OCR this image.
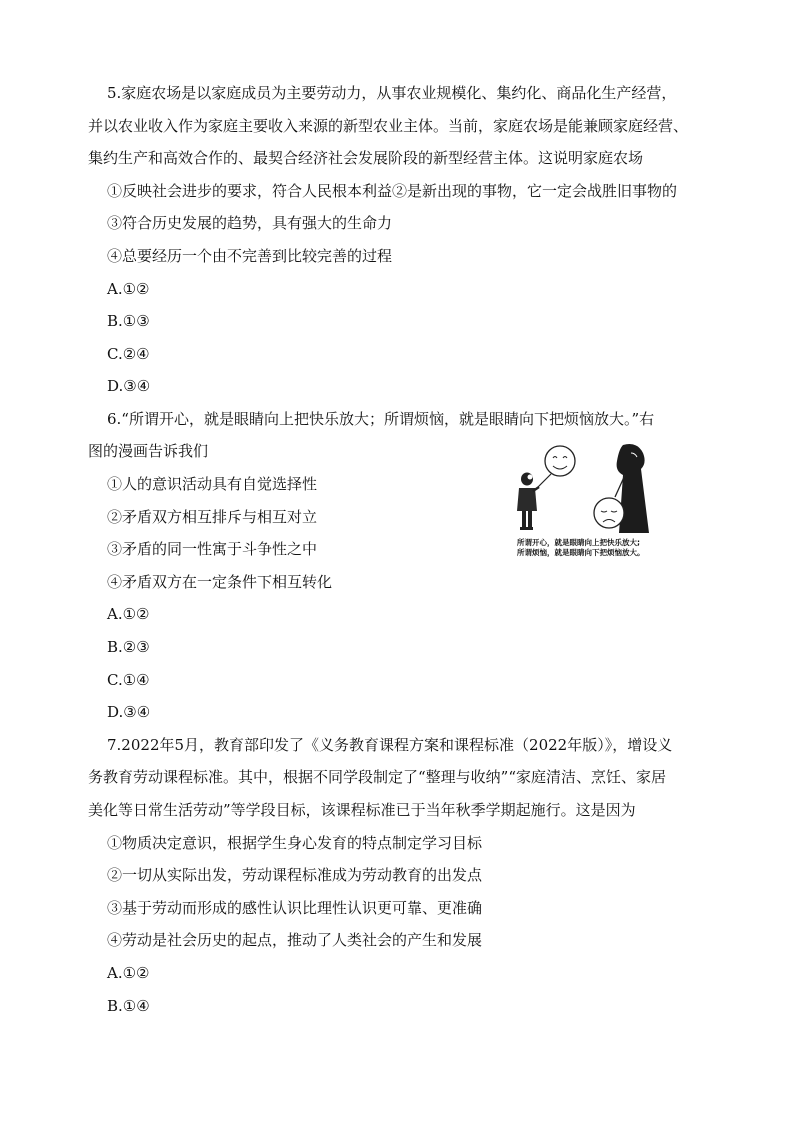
5.家庭农场是以家庭成员为主要劳动力，从事农业规模化、集约化、商品化生产经营，
并以农业收入作为家庭主要收入来源的新型农业主体。当前，家庭农场是能兼顾家庭经营、
集约生产和高效合作的、最契合经济社会发展阶段的新型经营主体。这说明家庭农场
①反映社会进步的要求，符合人民根本利益②是新出现的事物，它一定会战胜旧事物的
③符合历史发展的趋势，具有强大的生命力
④总要经历一个由不完善到比较完善的过程
A.①②
B.①③
C.②④
D.③④
6.“所谓开心，就是眼睛向上把快乐放大；所谓烦恼，就是眼睛向下把烦恼放大。”右
图的漫画告诉我们
①人的意识活动具有自觉选择性
②矛盾双方相互排斥与相互对立
③矛盾的同一性寓于斗争性之中
④矛盾双方在一定条件下相互转化
A.①②
B.②③
C.①④
D.③④
所谓开心，就是眼睛向上把快乐放大;
所谓烦恼，就是眼睛向下把烦恼放大。
7.2022年5月，教育部印发了《义务教育课程方案和课程标准（2022年版）》，增设义
务教育劳动课程标准。其中，根据不同学段制定了“整理与收纳”“家庭清洁、烹饪、家居
美化等日常生活劳动”等学段目标，该课程标准已于当年秋季学期起施行。这是因为
①物质决定意识，根据学生身心发育的特点制定学习目标
②一切从实际出发，劳动课程标准成为劳动教育的出发点
③基于劳动而形成的感性认识比理性认识更可靠、更准确
④劳动是社会历史的起点，推动了人类社会的产生和发展
A.①②
B.①④
